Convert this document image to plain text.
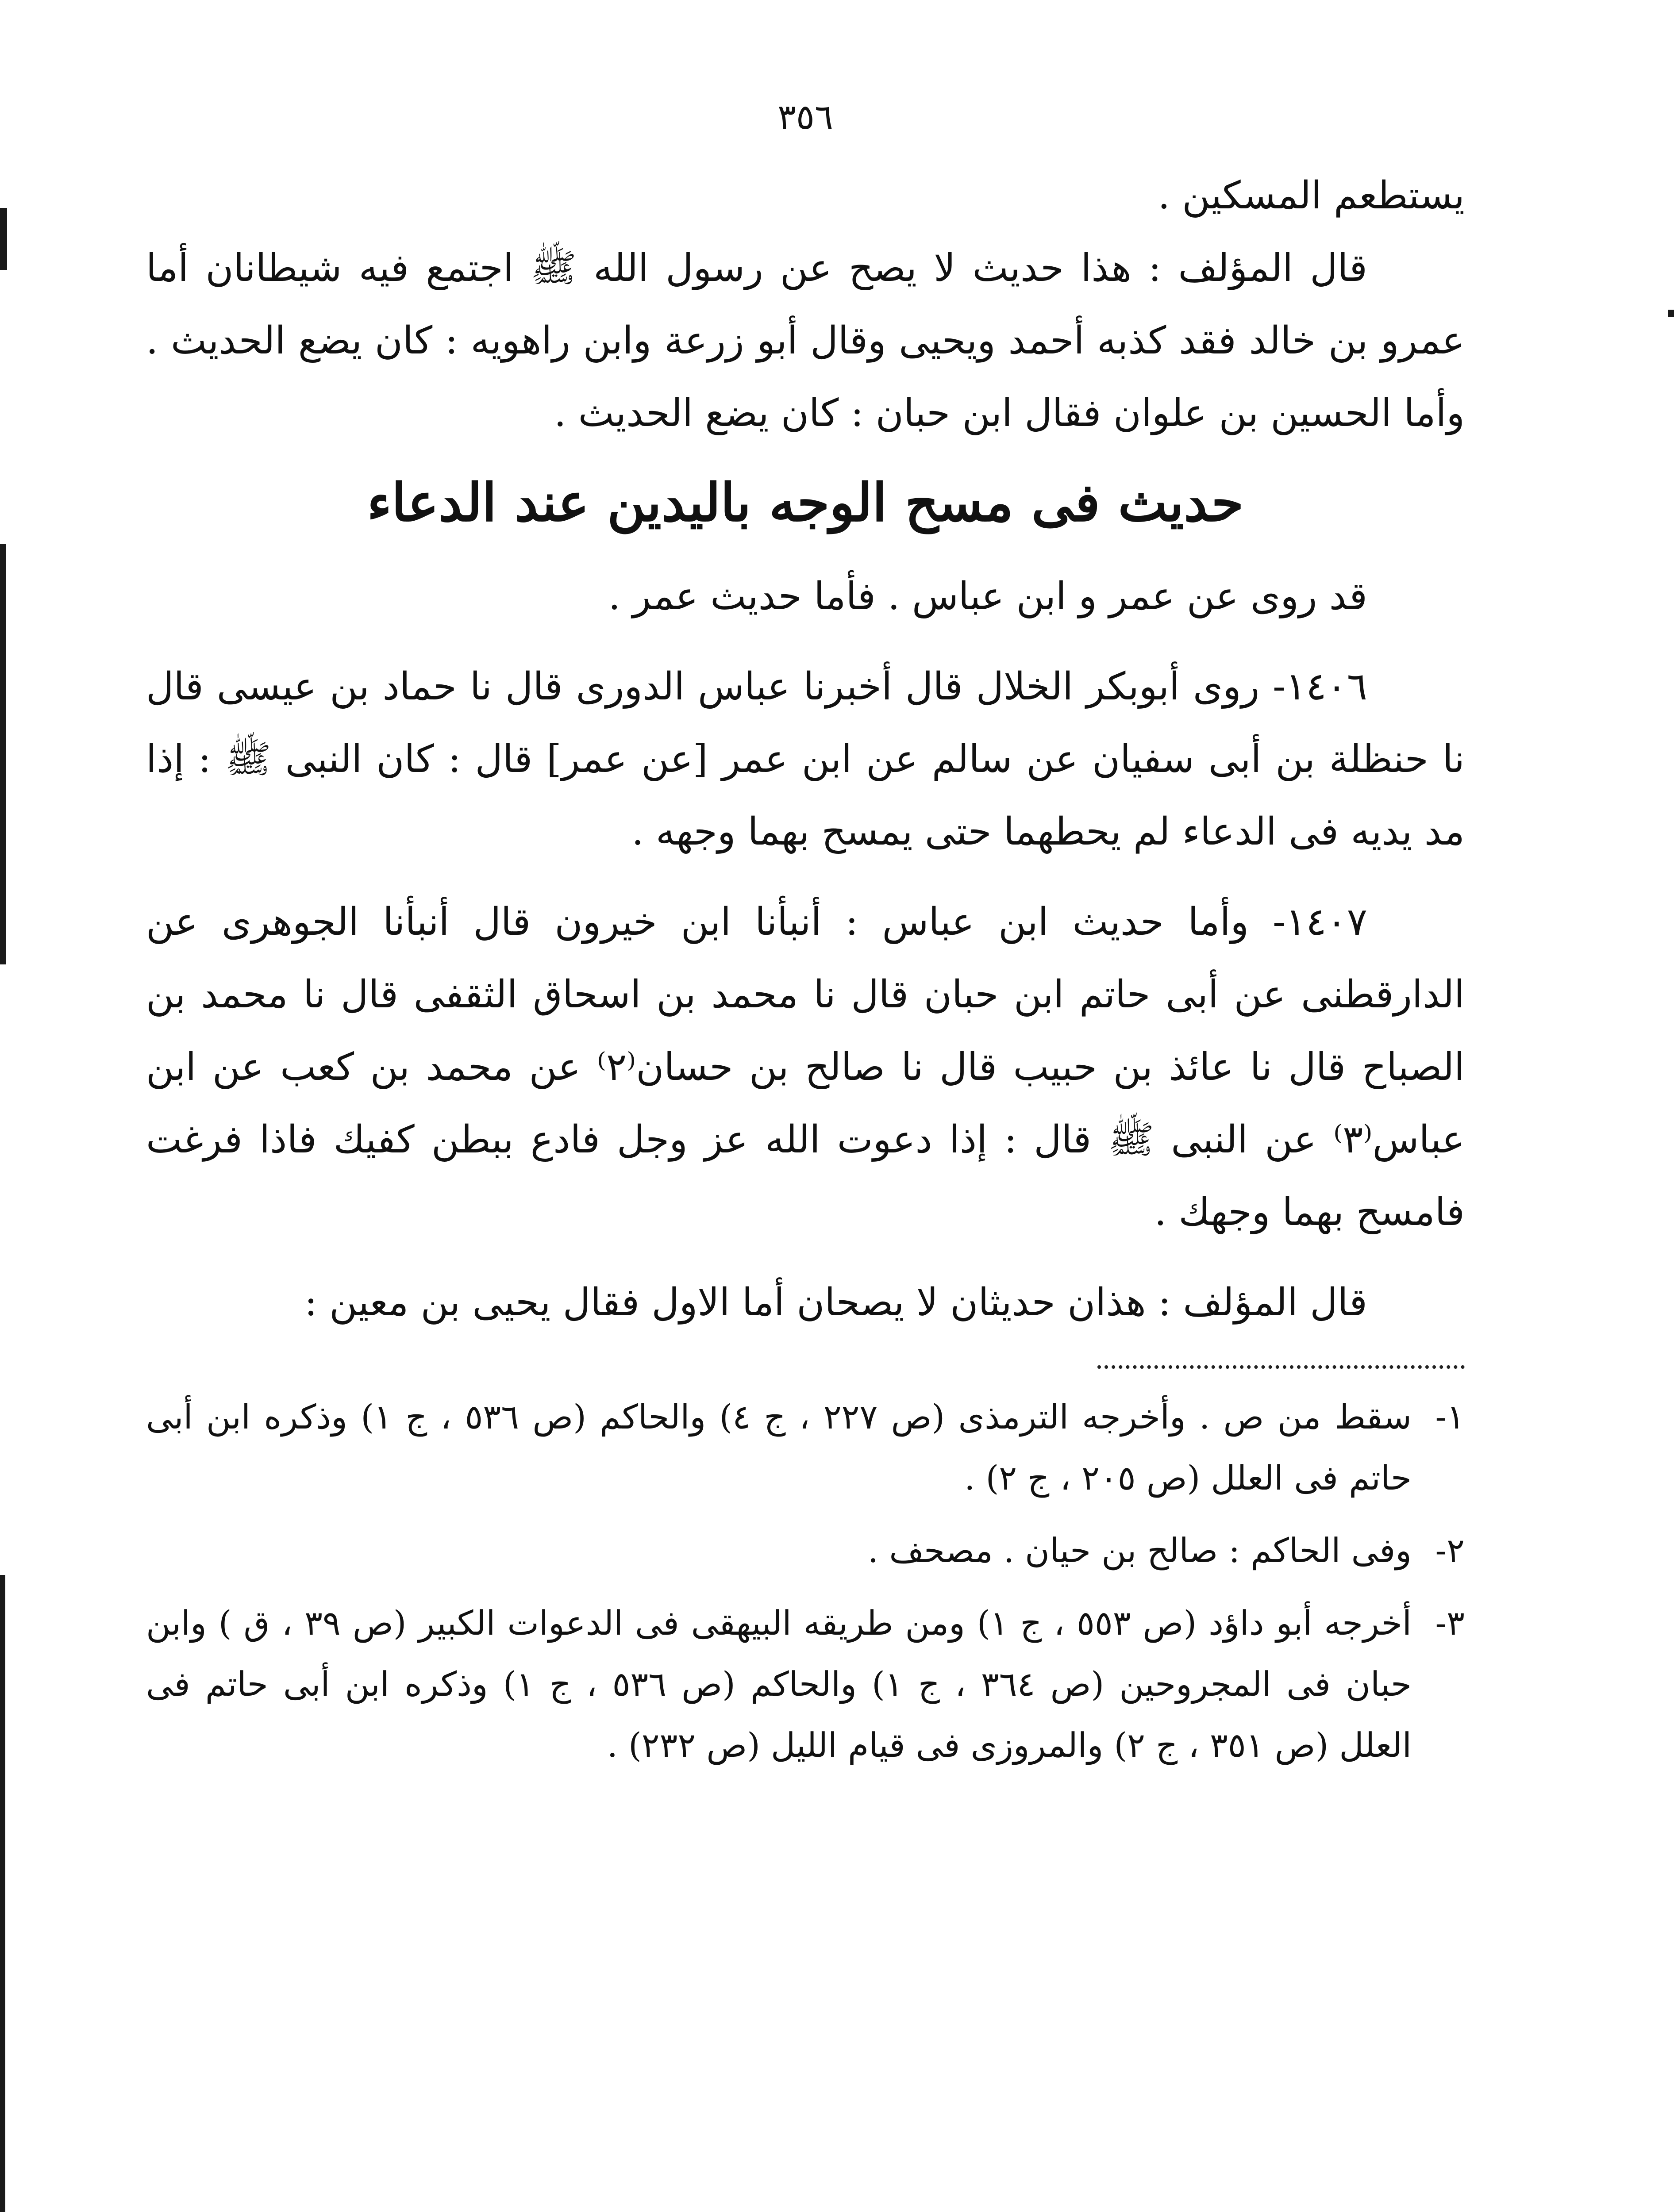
٣٥٦

يستطعم المسكين .

قال المؤلف : هذا حديث لا يصح عن رسول الله ﷺ اجتمع فيه شيطانان أما عمرو بن خالد فقد كذبه أحمد ويحيى وقال أبو زرعة وابن راهويه : كان يضع الحديث . وأما الحسين بن علوان فقال ابن حبان : كان يضع الحديث .

حديث فى مسح الوجه باليدين عند الدعاء

قد روى عن عمر و ابن عباس . فأما حديث عمر .

١٤٠٦- روى أبوبكر الخلال قال أخبرنا عباس الدورى قال نا حماد بن عيسى قال نا حنظلة بن أبى سفيان عن سالم عن ابن عمر [عن عمر] قال : كان النبى ﷺ : إذا مد يديه فى الدعاء لم يحطهما حتى يمسح بهما وجهه .

١٤٠٧- وأما حديث ابن عباس : أنبأنا ابن خيرون قال أنبأنا الجوهرى عن الدارقطنى عن أبى حاتم ابن حبان قال نا محمد بن اسحاق الثقفى قال نا محمد بن الصباح قال نا عائذ بن حبيب قال نا صالح بن حسان⁽٢⁾ عن محمد بن كعب عن ابن عباس⁽٣⁾ عن النبى ﷺ قال : إذا دعوت الله عز وجل فادع ببطن كفيك فاذا فرغت فامسح بهما وجهك .

قال المؤلف : هذان حديثان لا يصحان أما الاول فقال يحيى بن معين :

١-
سقط من ص . وأخرجه الترمذى (ص ٢٢٧ ، ج ٤) والحاكم (ص ٥٣٦ ، ج ١) وذكره ابن أبى حاتم فى العلل (ص ٢٠٥ ، ج ٢) .
٢-
وفى الحاكم : صالح بن حيان . مصحف .
٣-
أخرجه أبو داؤد (ص ٥٥٣ ، ج ١) ومن طريقه البيهقى فى الدعوات الكبير (ص ٣٩ ، ق ) وابن حبان فى المجروحين (ص ٣٦٤ ، ج ١) والحاكم (ص ٥٣٦ ، ج ١) وذكره ابن أبى حاتم فى العلل (ص ٣٥١ ، ج ٢) والمروزى فى قيام الليل (ص ٢٣٢) .
